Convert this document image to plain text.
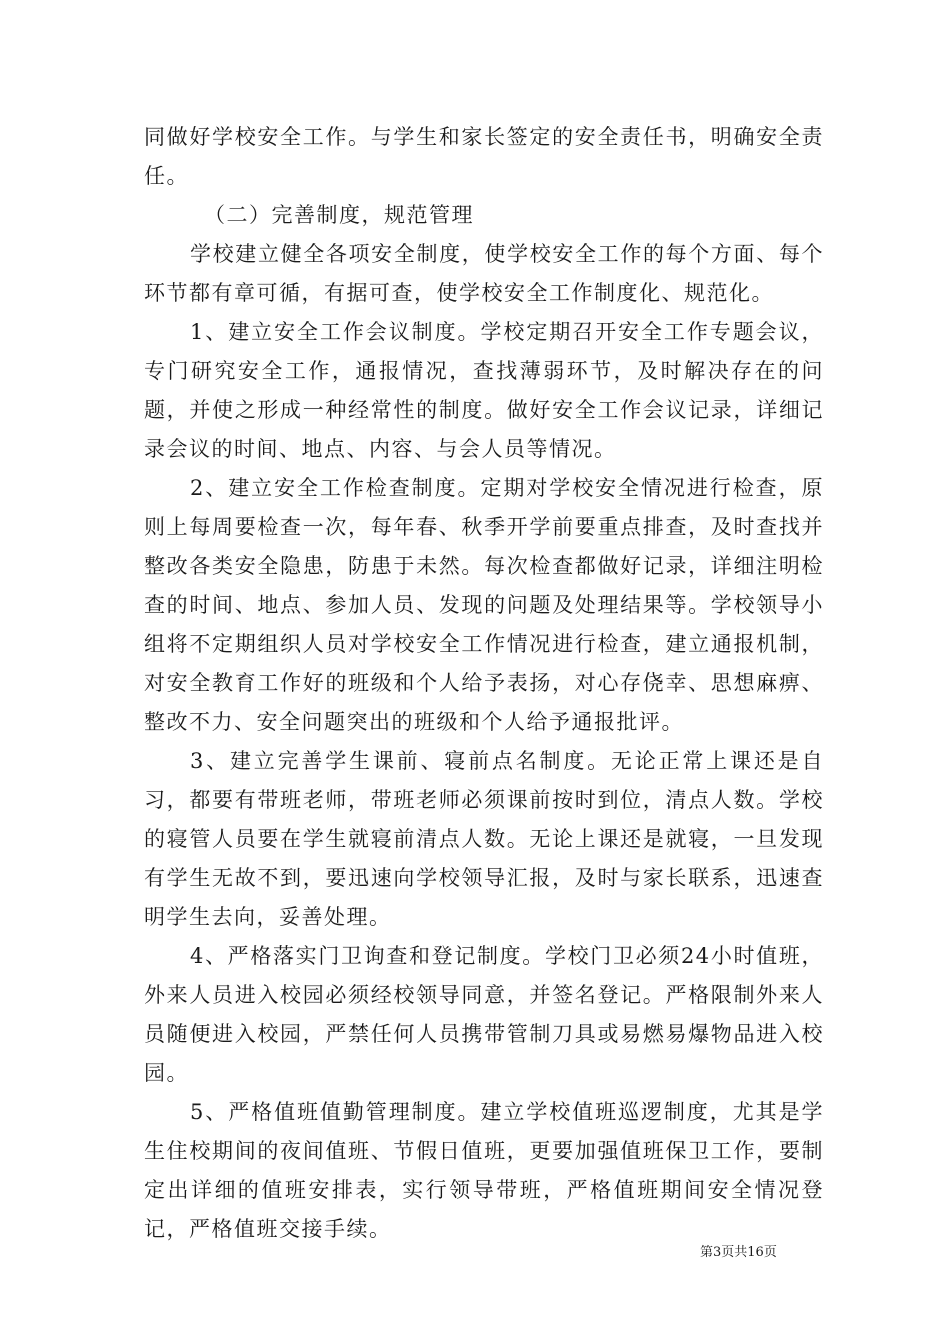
同做好学校安全工作。与学生和家长签定的安全责任书，明确安全责任。

（二）完善制度，规范管理

学校建立健全各项安全制度，使学校安全工作的每个方面、每个环节都有章可循，有据可查，使学校安全工作制度化、规范化。

1、建立安全工作会议制度。学校定期召开安全工作专题会议，专门研究安全工作，通报情况，查找薄弱环节，及时解决存在的问题，并使之形成一种经常性的制度。做好安全工作会议记录，详细记录会议的时间、地点、内容、与会人员等情况。

2、建立安全工作检查制度。定期对学校安全情况进行检查，原则上每周要检查一次，每年春、秋季开学前要重点排查，及时查找并整改各类安全隐患，防患于未然。每次检查都做好记录，详细注明检查的时间、地点、参加人员、发现的问题及处理结果等。学校领导小组将不定期组织人员对学校安全工作情况进行检查，建立通报机制，对安全教育工作好的班级和个人给予表扬，对心存侥幸、思想麻痹、整改不力、安全问题突出的班级和个人给予通报批评。

3、建立完善学生课前、寝前点名制度。无论正常上课还是自习，都要有带班老师，带班老师必须课前按时到位，清点人数。学校的寝管人员要在学生就寝前清点人数。无论上课还是就寝，一旦发现有学生无故不到，要迅速向学校领导汇报，及时与家长联系，迅速查明学生去向，妥善处理。

4、严格落实门卫询查和登记制度。学校门卫必须24小时值班，外来人员进入校园必须经校领导同意，并签名登记。严格限制外来人员随便进入校园，严禁任何人员携带管制刀具或易燃易爆物品进入校园。

5、严格值班值勤管理制度。建立学校值班巡逻制度，尤其是学生住校期间的夜间值班、节假日值班，更要加强值班保卫工作，要制定出详细的值班安排表，实行领导带班，严格值班期间安全情况登记，严格值班交接手续。

第3页共16页
